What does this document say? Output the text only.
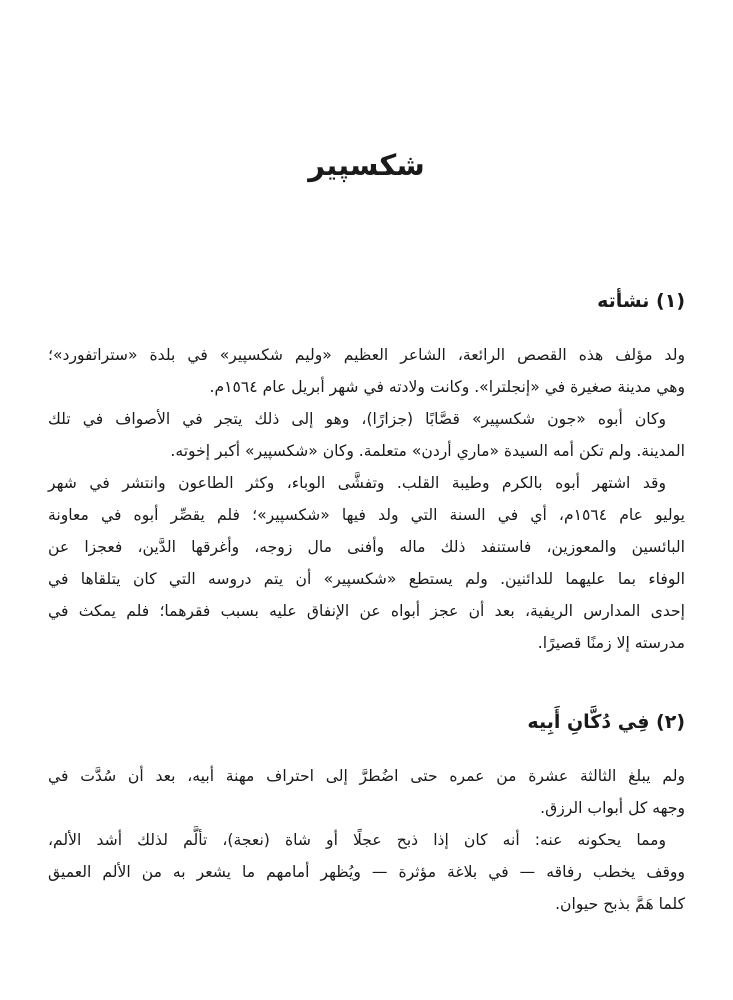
شكسپير
(١) نشأته

ولد مؤلف هذه القصص الرائعة، الشاعر العظيم «وليم شكسپير» في بلدة «ستراتفورد»؛
وهي مدينة صغيرة في «إنجلترا». وكانت ولادته في شهر أبريل عام ١٥٦٤م.

وكان أبوه «جون شكسپير» قصَّابًا (جزارًا)، وهو إلى ذلك يتجر في الأصواف في تلك
المدينة. ولم تكن أمه السيدة «ماري أردن» متعلمة. وكان «شكسپير» أكبر إخوته.

وقد اشتهر أبوه بالكرم وطيبة القلب. وتفشَّى الوباء، وكثر الطاعون وانتشر في شهر
يوليو عام ١٥٦٤م، أي في السنة التي ولد فيها «شكسپير»؛ فلم يقصِّر أبوه في معاونة
البائسين والمعوزين، فاستنفد ذلك ماله وأفنى مال زوجه، وأغرقها الدَّين، فعجزا عن
الوفاء بما عليهما للدائنين. ولم يستطع «شكسپير» أن يتم دروسه التي كان يتلقاها في
إحدى المدارس الريفية، بعد أن عجز أبواه عن الإنفاق عليه بسبب فقرهما؛ فلم يمكث في
مدرسته إلا زمنًا قصيرًا.

(٢) فِي دُكَّانِ أَبِيه

ولم يبلغ الثالثة عشرة من عمره حتى اضُطرَّ إلى احتراف مهنة أبيه، بعد أن سُدَّت في
وجهه كل أبواب الرزق.

ومما يحكونه عنه: أنه كان إذا ذبح عجلًا أو شاة (نعجة)، تألَّم لذلك أشد الألم،
ووقف يخطب رفاقه — في بلاغة مؤثرة — ويُظهر أمامهم ما يشعر به من الألم العميق
كلما هَمَّ بذبح حيوان.
